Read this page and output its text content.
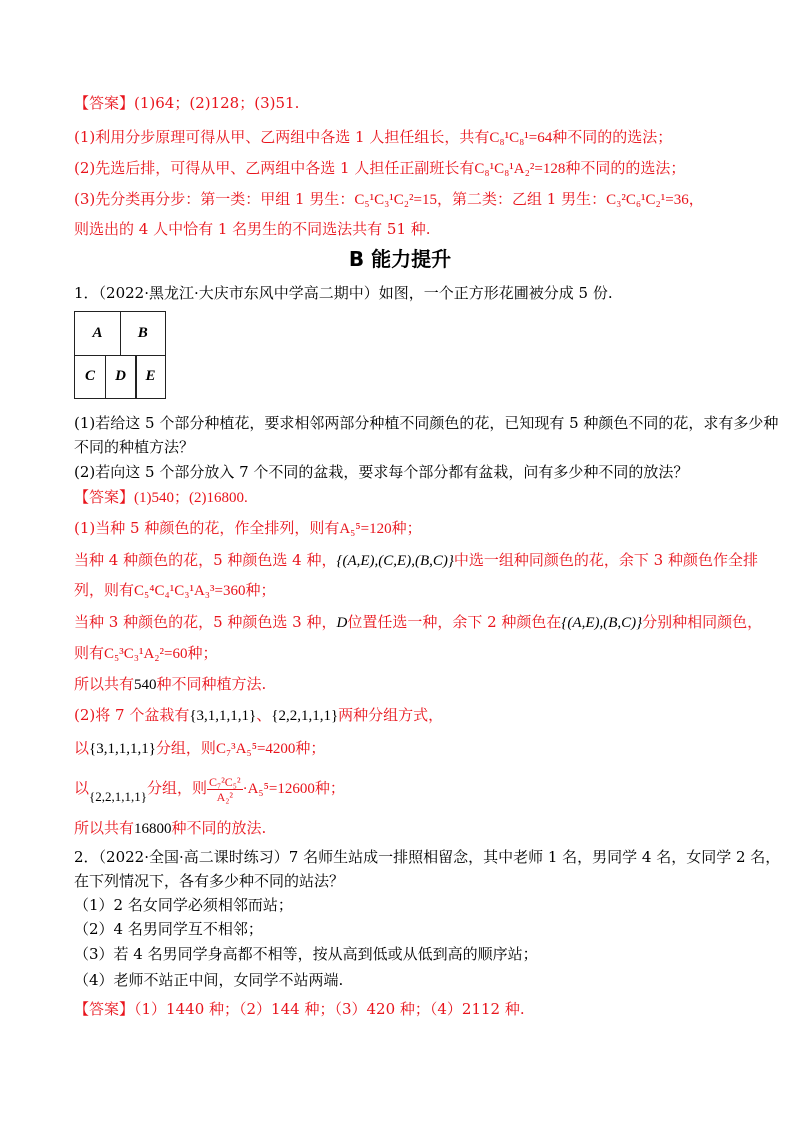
【答案】(1)64；(2)128；(3)51.
(1)利用分步原理可得从甲、乙两组中各选 1 人担任组长，共有C₈¹C₈¹=64种不同的的选法；
(2)先选后排，可得从甲、乙两组中各选 1 人担任正副班长有C₈¹C₈¹A₂²=128种不同的的选法；
(3)先分类再分步：第一类：甲组 1 男生：C₅¹C₃¹C₂²=15，第二类：乙组 1 男生：C₃²C₆¹C₂¹=36，
则选出的 4 人中恰有 1 名男生的不同选法共有 51 种.
B 能力提升
1．（2022·黑龙江·大庆市东风中学高二期中）如图，一个正方形花圃被分成 5 份.
A	B
C	D	E
(1)若给这 5 个部分种植花，要求相邻两部分种植不同颜色的花，已知现有 5 种颜色不同的花，求有多少种
不同的种植方法？
(2)若向这 5 个部分放入 7 个不同的盆栽，要求每个部分都有盆栽，问有多少种不同的放法？
【答案】(1)540；(2)16800.
(1)当种 5 种颜色的花，作全排列，则有A₅⁵=120种；
当种 4 种颜色的花，5 种颜色选 4 种，{(A,E),(C,E),(B,C)}中选一组种同颜色的花，余下 3 种颜色作全排
列，则有C₅⁴C₄¹C₃¹A₃³=360种；
当种 3 种颜色的花，5 种颜色选 3 种，D位置任选一种，余下 2 种颜色在{(A,E),(B,C)}分别种相同颜色，
则有C₅³C₃¹A₂²=60种；
所以共有540种不同种植方法.
(2)将 7 个盆栽有{3,1,1,1,1}、{2,2,1,1,1}两种分组方式，
以{3,1,1,1,1}分组，则C₇³A₅⁵=4200种；
以{2,2,1,1,1}分组，则 $\frac{\text{C₇²C₅²}}{\text{A₂²}} \cdot A_5^5=12600$种；
所以共有16800种不同的放法.
2．（2022·全国·高二课时练习）7 名师生站成一排照相留念，其中老师 1 名，男同学 4 名，女同学 2 名，
在下列情况下，各有多少种不同的站法？
（1）2 名女同学必须相邻而站；
（2）4 名男同学互不相邻；
（3）若 4 名男同学身高都不相等，按从高到低或从低到高的顺序站；
（4）老师不站正中间，女同学不站两端.
【答案】（1）1440 种；（2）144 种；（3）420 种；（4）2112 种.
